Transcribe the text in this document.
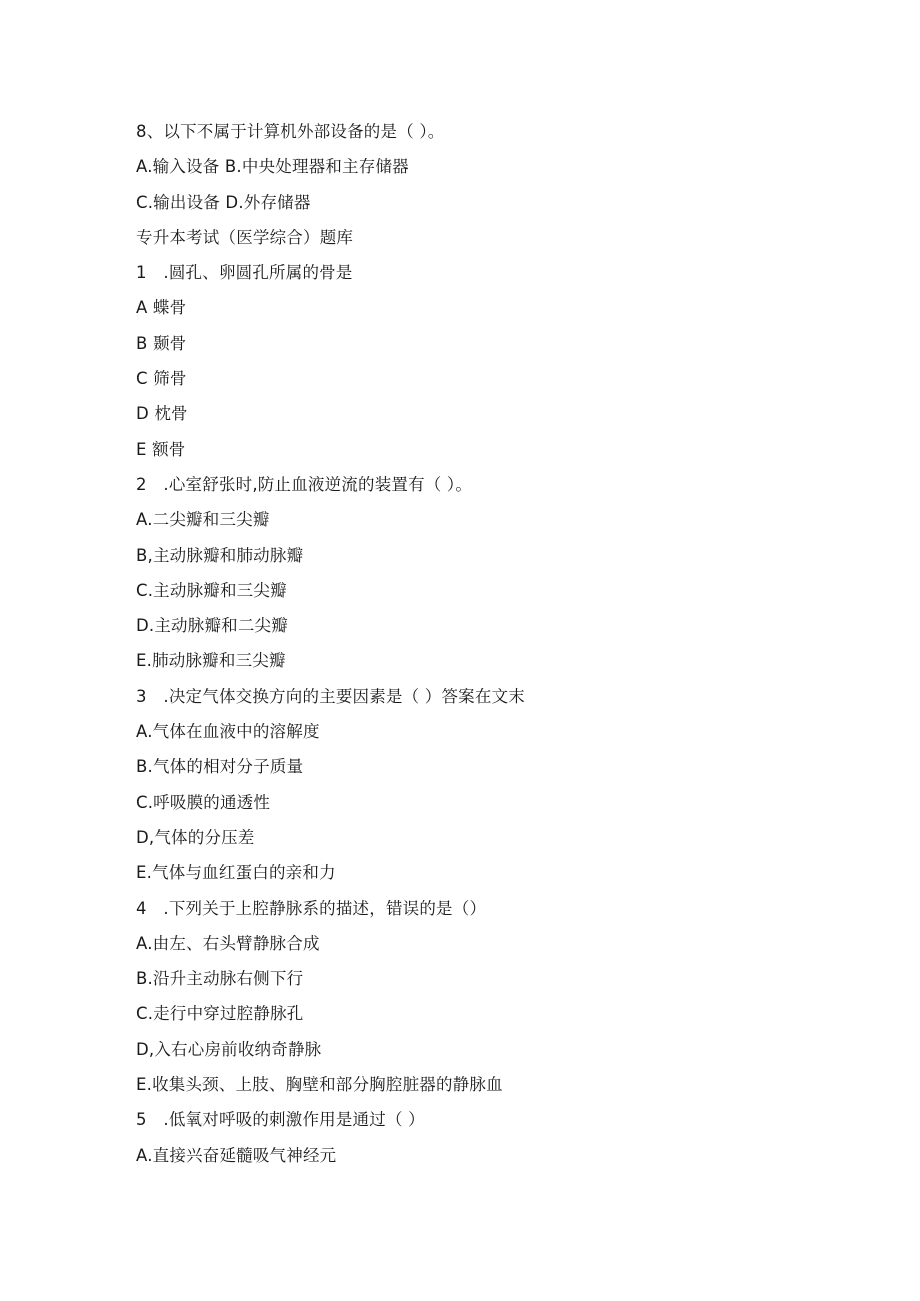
8、以下不属于计算机外部设备的是（ ）。
A.输入设备 B.中央处理器和主存储器
C.输出设备 D.外存储器
专升本考试（医学综合）题库
1　.圆孔、卵圆孔所属的骨是
A 蝶骨
B 颞骨
C 筛骨
D 枕骨
E 额骨
2　.心室舒张时,防止血液逆流的装置有（ ）。
A.二尖瓣和三尖瓣
B,主动脉瓣和肺动脉瓣
C.主动脉瓣和三尖瓣
D.主动脉瓣和二尖瓣
E.肺动脉瓣和三尖瓣
3　.决定气体交换方向的主要因素是（ ）答案在文末
A.气体在血液中的溶解度
B.气体的相对分子质量
C.呼吸膜的通透性
D,气体的分压差
E.气体与血红蛋白的亲和力
4　.下列关于上腔静脉系的描述，错误的是（）
A.由左、右头臂静脉合成
B.沿升主动脉右侧下行
C.走行中穿过腔静脉孔
D,入右心房前收纳奇静脉
E.收集头颈、上肢、胸壁和部分胸腔脏器的静脉血
5　.低氧对呼吸的刺激作用是通过（ ）
A.直接兴奋延髓吸气神经元
